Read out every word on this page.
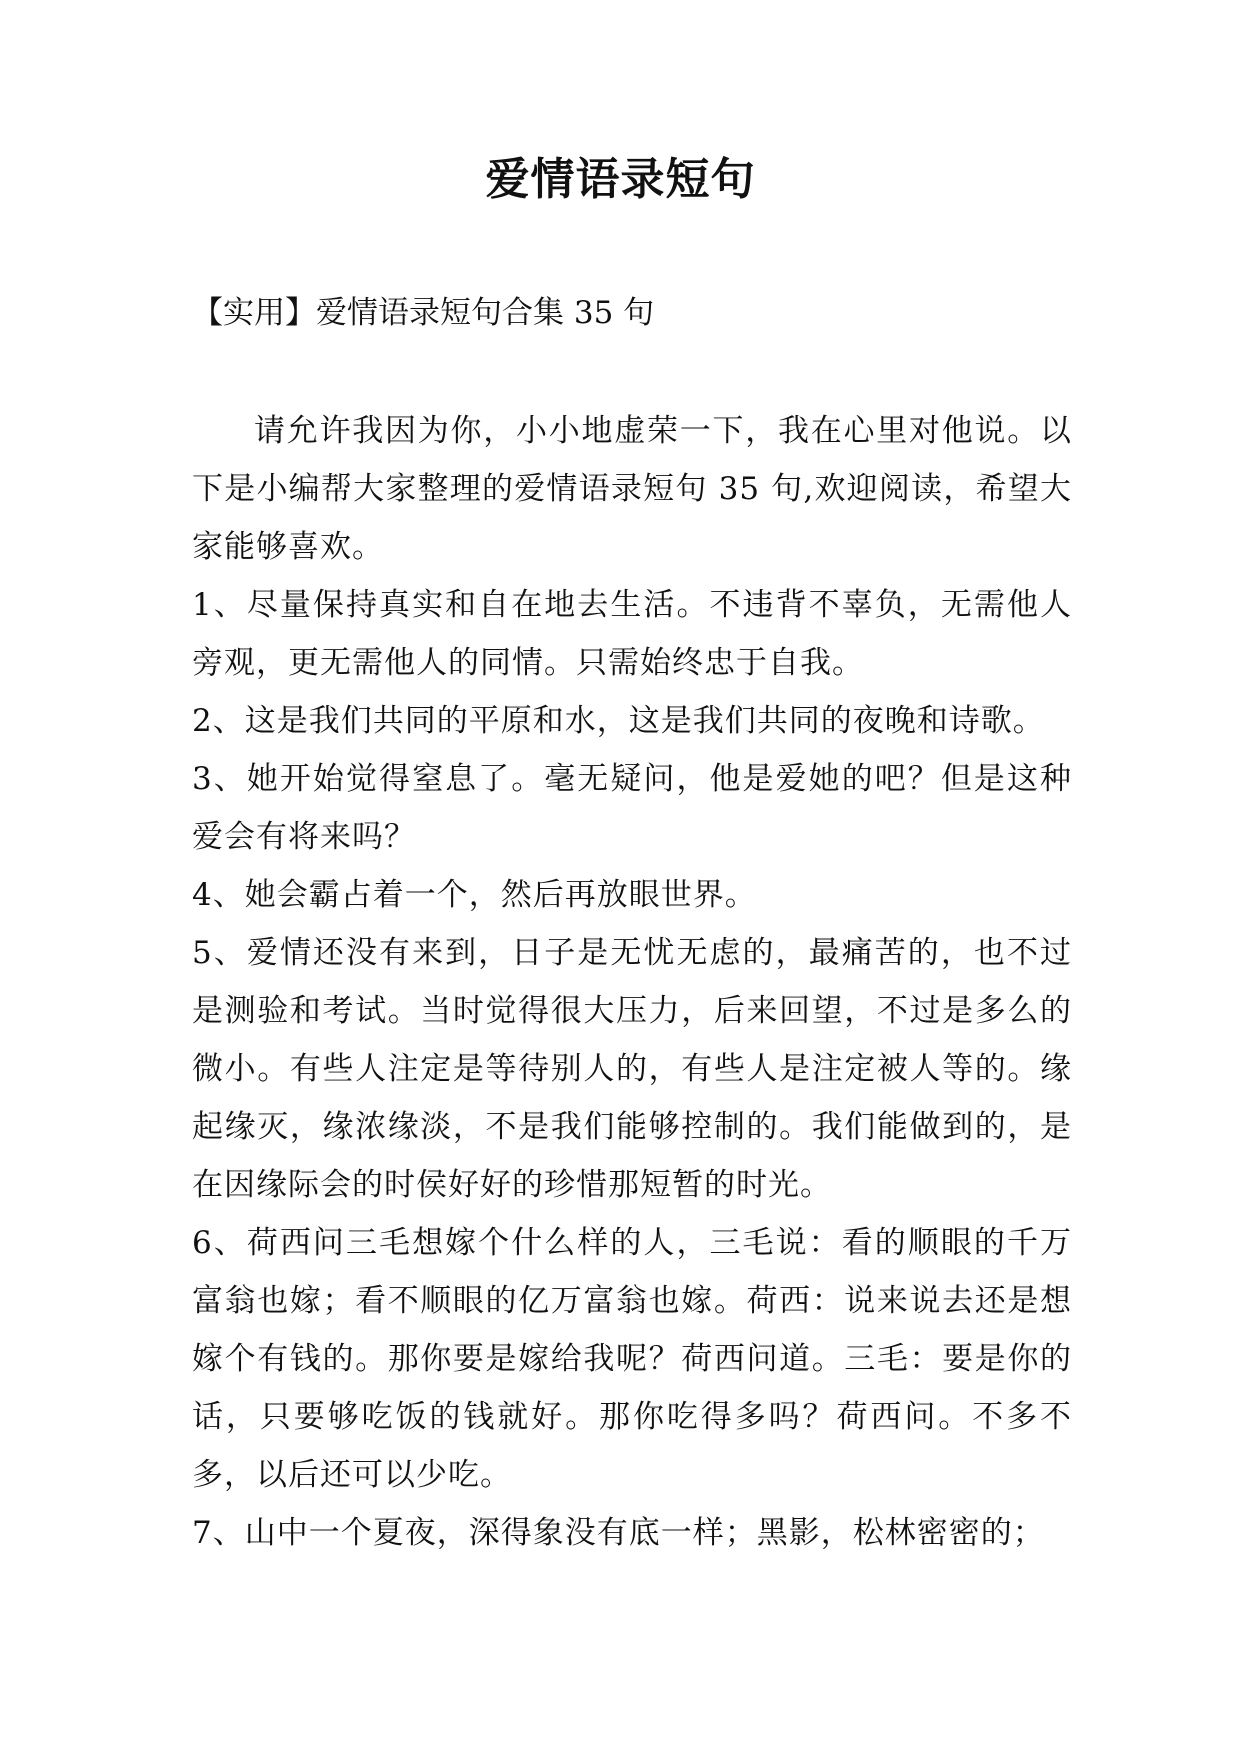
爱情语录短句

【实用】爱情语录短句合集 35 句

请允许我因为你，小小地虚荣一下，我在心里对他说。以下是小编帮大家整理的爱情语录短句 35 句,欢迎阅读，希望大家能够喜欢。

1、尽量保持真实和自在地去生活。不违背不辜负，无需他人旁观，更无需他人的同情。只需始终忠于自我。

2、这是我们共同的平原和水，这是我们共同的夜晚和诗歌。

3、她开始觉得窒息了。毫无疑问，他是爱她的吧？但是这种爱会有将来吗？

4、她会霸占着一个，然后再放眼世界。

5、爱情还没有来到，日子是无忧无虑的，最痛苦的，也不过是测验和考试。当时觉得很大压力，后来回望，不过是多么的微小。有些人注定是等待别人的，有些人是注定被人等的。缘起缘灭，缘浓缘淡，不是我们能够控制的。我们能做到的，是在因缘际会的时侯好好的珍惜那短暂的时光。

6、荷西问三毛想嫁个什么样的人，三毛说：看的顺眼的千万富翁也嫁；看不顺眼的亿万富翁也嫁。荷西：说来说去还是想嫁个有钱的。那你要是嫁给我呢？荷西问道。三毛：要是你的话，只要够吃饭的钱就好。那你吃得多吗？荷西问。不多不多，以后还可以少吃。

7、山中一个夏夜，深得象没有底一样；黑影，松林密密的；
